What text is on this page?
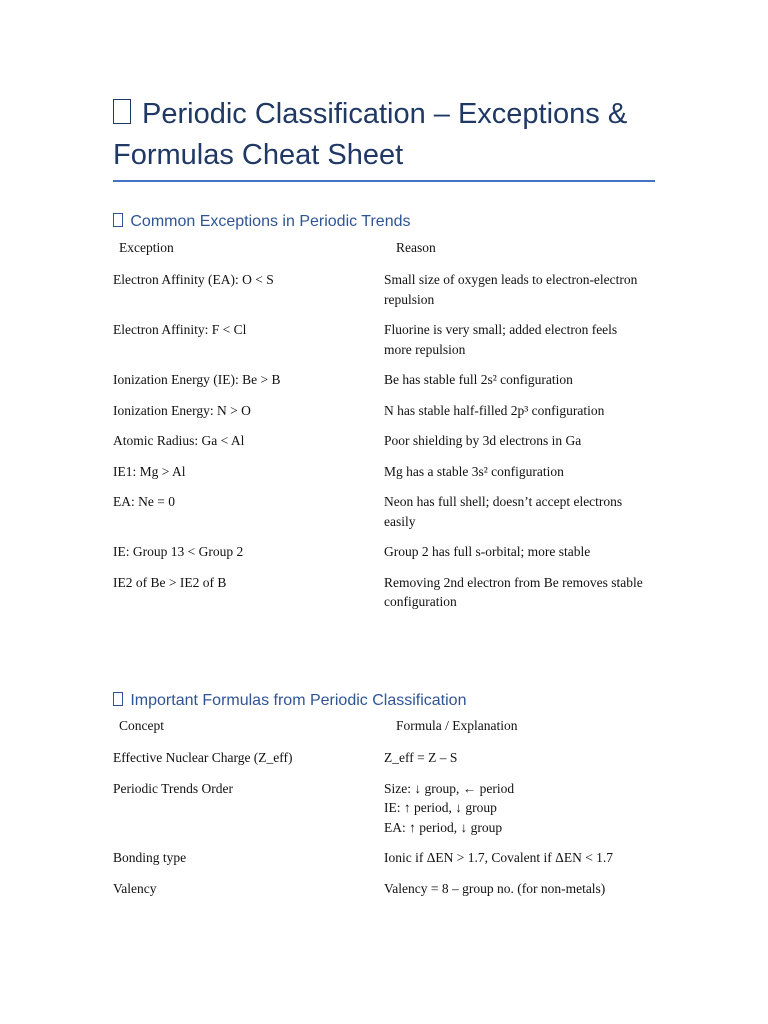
Periodic Classification – Exceptions & Formulas Cheat Sheet
Common Exceptions in Periodic Trends
Exception	Reason
Electron Affinity (EA): O < S	Small size of oxygen leads to electron-electron repulsion
Electron Affinity: F < Cl	Fluorine is very small; added electron feels more repulsion
Ionization Energy (IE): Be > B	Be has stable full 2s² configuration
Ionization Energy: N > O	N has stable half-filled 2p³ configuration
Atomic Radius: Ga < Al	Poor shielding by 3d electrons in Ga
IE1: Mg > Al	Mg has a stable 3s² configuration
EA: Ne = 0	Neon has full shell; doesn’t accept electrons easily
IE: Group 13 < Group 2	Group 2 has full s-orbital; more stable
IE2 of Be > IE2 of B	Removing 2nd electron from Be removes stable configuration
Important Formulas from Periodic Classification
Concept	Formula / Explanation
Effective Nuclear Charge (Z_eff)	Z_eff = Z – S
Periodic Trends Order	Size: ↓ group, ← period
IE: ↑ period, ↓ group
EA: ↑ period, ↓ group
Bonding type	Ionic if ΔEN > 1.7, Covalent if ΔEN < 1.7
Valency	Valency = 8 – group no. (for non-metals)
